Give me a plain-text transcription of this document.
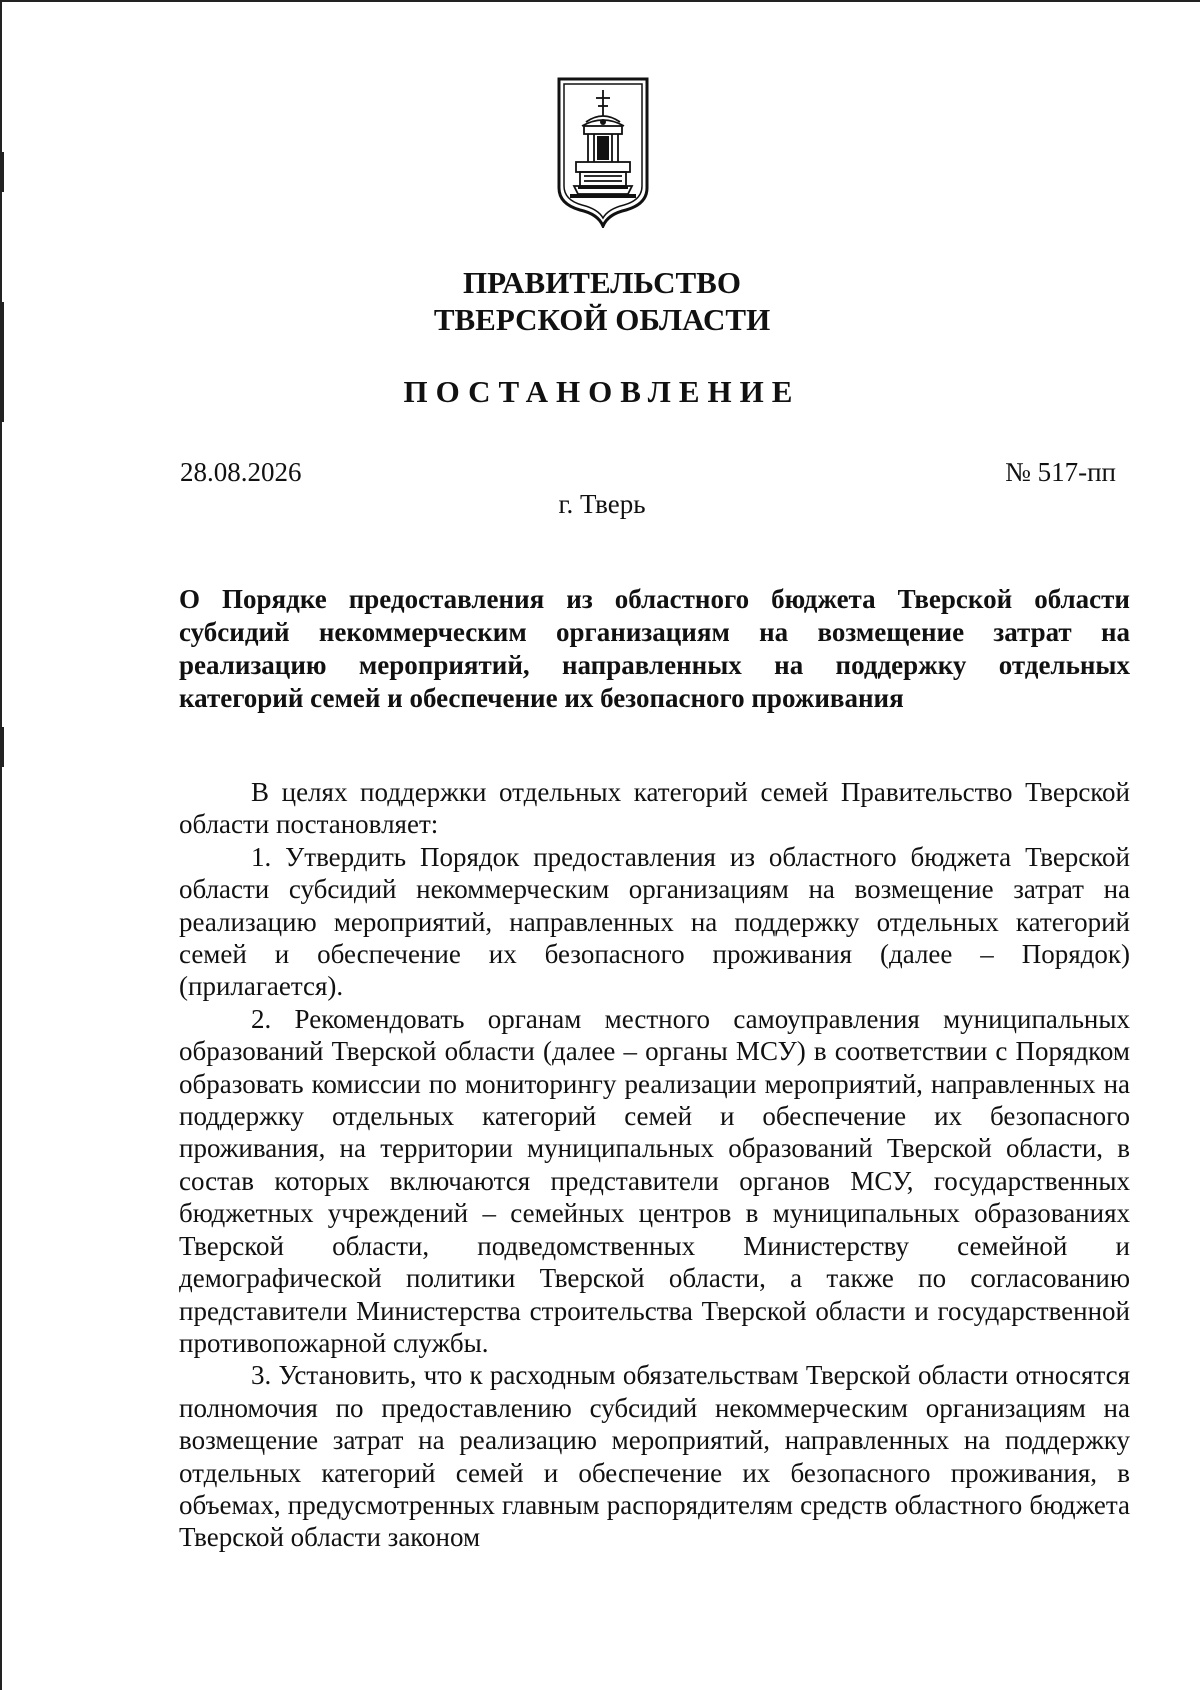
ПРАВИТЕЛЬСТВО
ТВЕРСКОЙ ОБЛАСТИ
ПОСТАНОВЛЕНИЕ
28.08.2026	№ 517-пп
г. Тверь
О Порядке предоставления из областного бюджета Тверской области субсидий некоммерческим организациям на возмещение затрат на реализацию мероприятий, направленных на поддержку отдельных категорий семей и обеспечение их безопасного проживания

В целях поддержки отдельных категорий семей Правительство Тверской области постановляет:

1. Утвердить Порядок предоставления из областного бюджета Тверской области субсидий некоммерческим организациям на возмещение затрат на реализацию мероприятий, направленных на поддержку отдельных категорий семей и обеспечение их безопасного проживания (далее – Порядок) (прилагается).

2. Рекомендовать органам местного самоуправления муниципальных образований Тверской области (далее – органы МСУ) в соответствии с Порядком образовать комиссии по мониторингу реализации мероприятий, направленных на поддержку отдельных категорий семей и обеспечение их безопасного проживания, на территории муниципальных образований Тверской области, в состав которых включаются представители органов МСУ, государственных бюджетных учреждений – семейных центров в муниципальных образованиях Тверской области, подведомственных Министерству семейной и демографической политики Тверской области, а также по согласованию представители Министерства строительства Тверской области и государственной противопожарной службы.

3. Установить, что к расходным обязательствам Тверской области относятся полномочия по предоставлению субсидий некоммерческим организациям на возмещение затрат на реализацию мероприятий, направленных на поддержку отдельных категорий семей и обеспечение их безопасного проживания, в объемах, предусмотренных главным распорядителям средств областного бюджета Тверской области законом
